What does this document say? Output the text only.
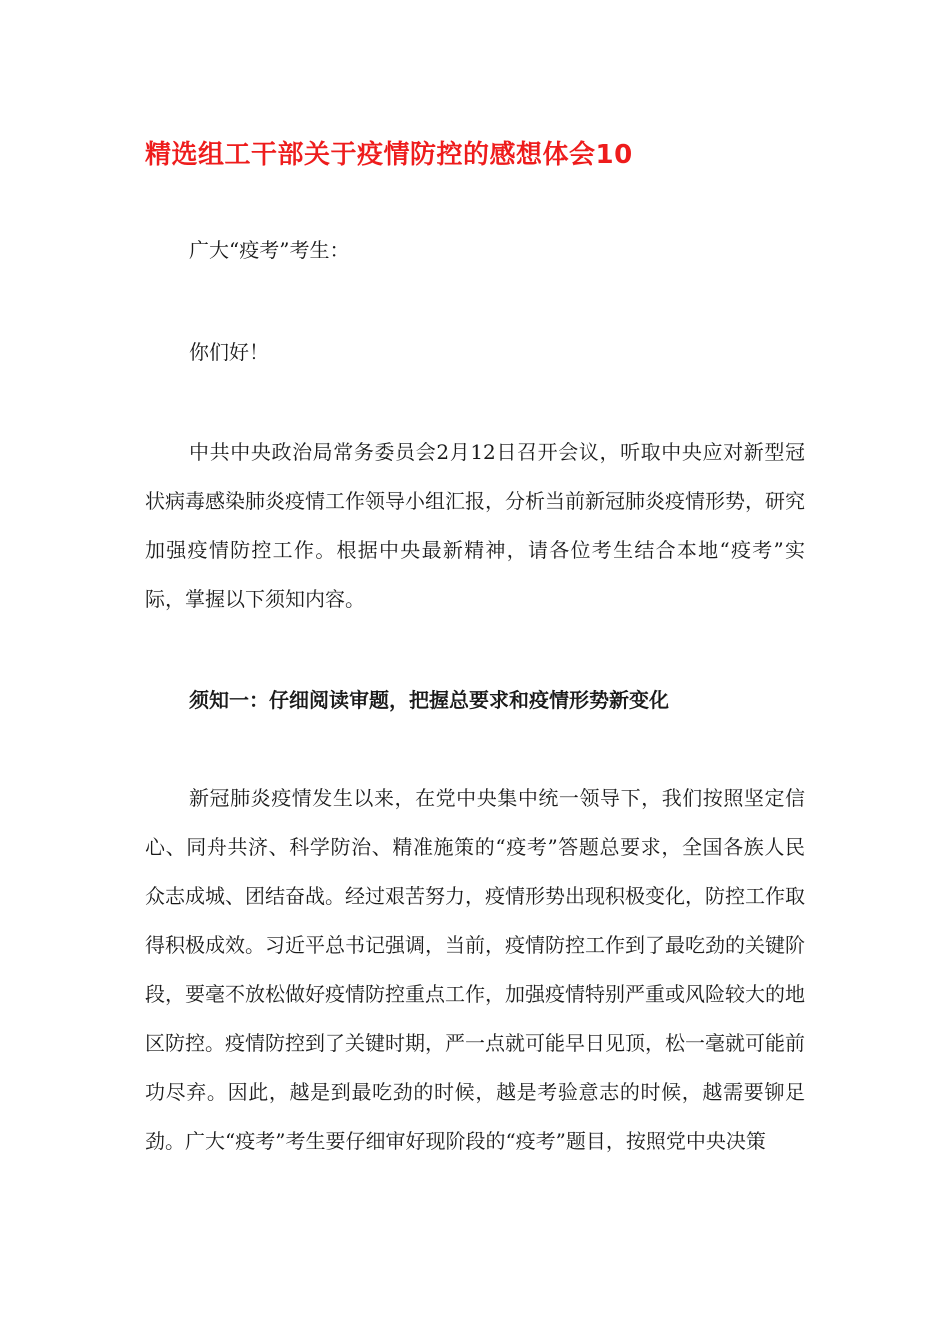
精选组工干部关于疫情防控的感想体会10

广大“疫考”考生：

你们好！

中共中央政治局常务委员会2月12日召开会议，听取中央应对新型冠状病毒感染肺炎疫情工作领导小组汇报，分析当前新冠肺炎疫情形势，研究加强疫情防控工作。根据中央最新精神，请各位考生结合本地“疫考”实际，掌握以下须知内容。

须知一：仔细阅读审题，把握总要求和疫情形势新变化

新冠肺炎疫情发生以来，在党中央集中统一领导下，我们按照坚定信心、同舟共济、科学防治、精准施策的“疫考”答题总要求，全国各族人民众志成城、团结奋战。经过艰苦努力，疫情形势出现积极变化，防控工作取得积极成效。习近平总书记强调，当前，疫情防控工作到了最吃劲的关键阶段，要毫不放松做好疫情防控重点工作，加强疫情特别严重或风险较大的地区防控。疫情防控到了关键时期，严一点就可能早日见顶，松一毫就可能前功尽弃。因此，越是到最吃劲的时候，越是考验意志的时候，越需要铆足劲。广大“疫考”考生要仔细审好现阶段的“疫考”题目，按照党中央决策
